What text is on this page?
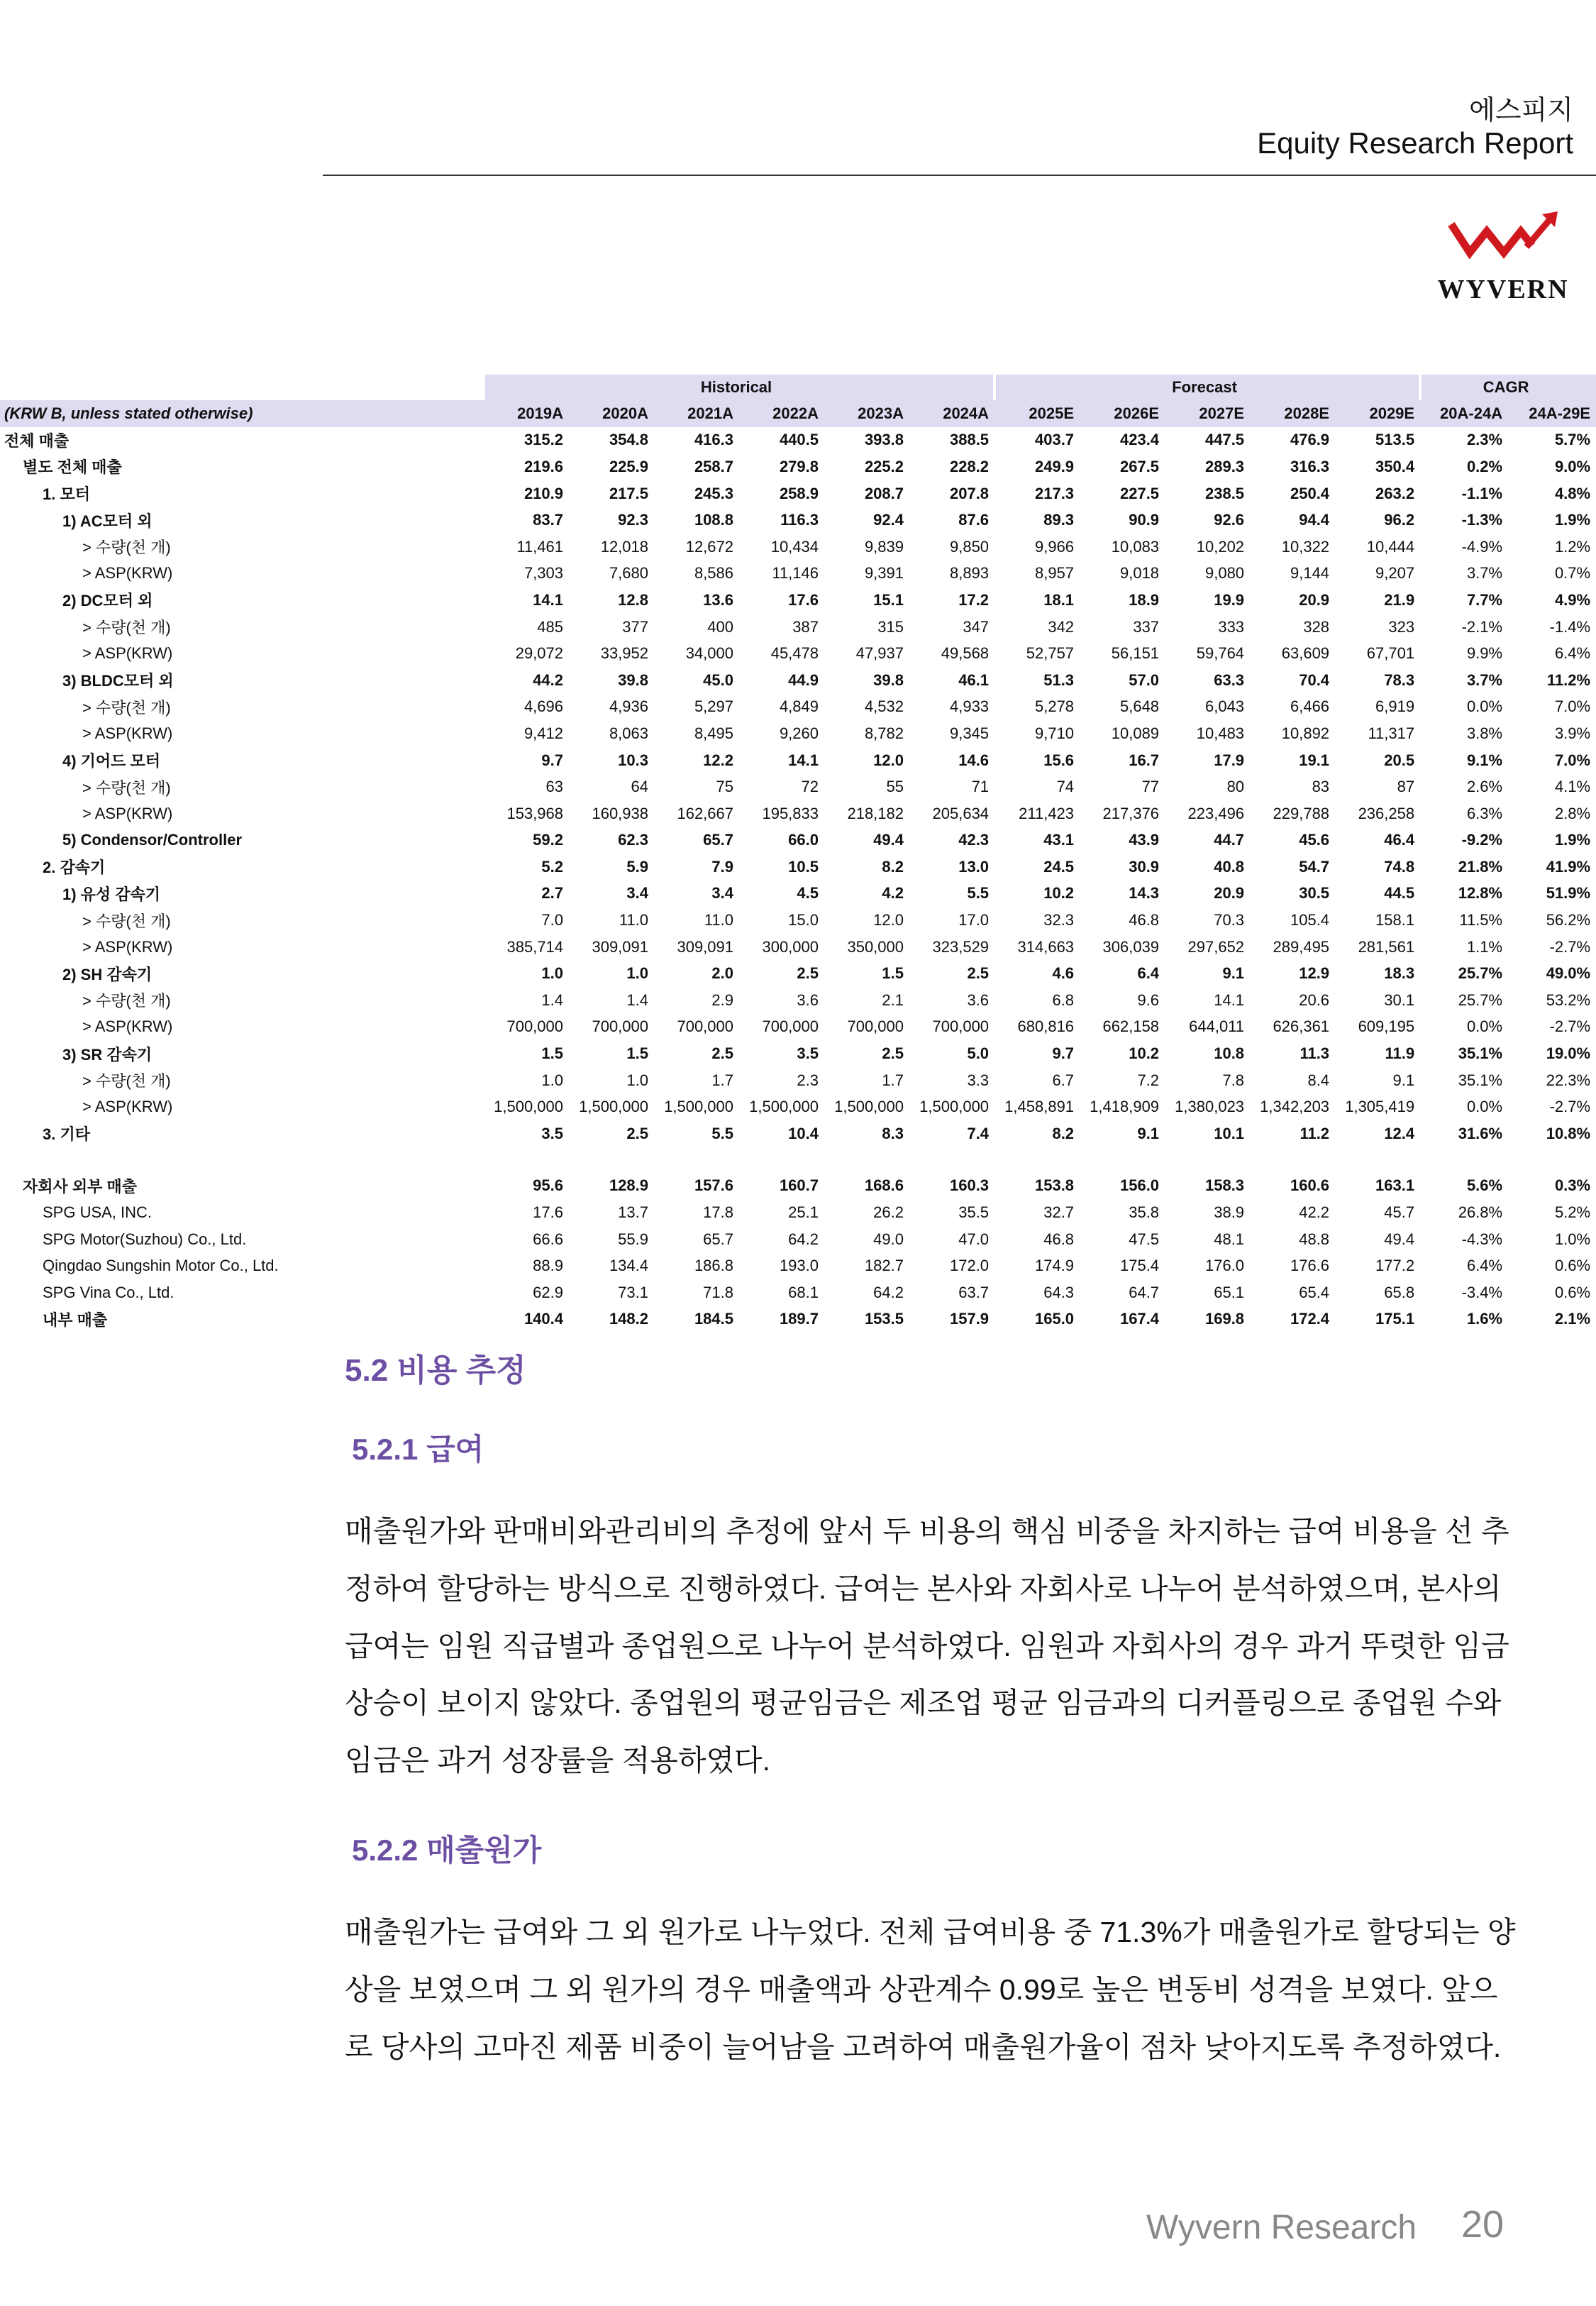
에스피지
Equity Research Report
WYVERN
	Historical						Forecast					CAGR	
(KRW B, unless stated otherwise)	2019A	2020A	2021A	2022A	2023A	2024A	2025E	2026E	2027E	2028E	2029E	20A-24A	24A-29E
전체 매출	315.2	354.8	416.3	440.5	393.8	388.5	403.7	423.4	447.5	476.9	513.5	2.3%	5.7%
별도 전체 매출	219.6	225.9	258.7	279.8	225.2	228.2	249.9	267.5	289.3	316.3	350.4	0.2%	9.0%
1. 모터	210.9	217.5	245.3	258.9	208.7	207.8	217.3	227.5	238.5	250.4	263.2	-1.1%	4.8%
1) AC모터 외	83.7	92.3	108.8	116.3	92.4	87.6	89.3	90.9	92.6	94.4	96.2	-1.3%	1.9%
> 수량(천 개)	11,461	12,018	12,672	10,434	9,839	9,850	9,966	10,083	10,202	10,322	10,444	-4.9%	1.2%
> ASP(KRW)	7,303	7,680	8,586	11,146	9,391	8,893	8,957	9,018	9,080	9,144	9,207	3.7%	0.7%
2) DC모터 외	14.1	12.8	13.6	17.6	15.1	17.2	18.1	18.9	19.9	20.9	21.9	7.7%	4.9%
> 수량(천 개)	485	377	400	387	315	347	342	337	333	328	323	-2.1%	-1.4%
> ASP(KRW)	29,072	33,952	34,000	45,478	47,937	49,568	52,757	56,151	59,764	63,609	67,701	9.9%	6.4%
3) BLDC모터 외	44.2	39.8	45.0	44.9	39.8	46.1	51.3	57.0	63.3	70.4	78.3	3.7%	11.2%
> 수량(천 개)	4,696	4,936	5,297	4,849	4,532	4,933	5,278	5,648	6,043	6,466	6,919	0.0%	7.0%
> ASP(KRW)	9,412	8,063	8,495	9,260	8,782	9,345	9,710	10,089	10,483	10,892	11,317	3.8%	3.9%
4) 기어드 모터	9.7	10.3	12.2	14.1	12.0	14.6	15.6	16.7	17.9	19.1	20.5	9.1%	7.0%
> 수량(천 개)	63	64	75	72	55	71	74	77	80	83	87	2.6%	4.1%
> ASP(KRW)	153,968	160,938	162,667	195,833	218,182	205,634	211,423	217,376	223,496	229,788	236,258	6.3%	2.8%
5) Condensor/Controller	59.2	62.3	65.7	66.0	49.4	42.3	43.1	43.9	44.7	45.6	46.4	-9.2%	1.9%
2. 감속기	5.2	5.9	7.9	10.5	8.2	13.0	24.5	30.9	40.8	54.7	74.8	21.8%	41.9%
1) 유성 감속기	2.7	3.4	3.4	4.5	4.2	5.5	10.2	14.3	20.9	30.5	44.5	12.8%	51.9%
> 수량(천 개)	7.0	11.0	11.0	15.0	12.0	17.0	32.3	46.8	70.3	105.4	158.1	11.5%	56.2%
> ASP(KRW)	385,714	309,091	309,091	300,000	350,000	323,529	314,663	306,039	297,652	289,495	281,561	1.1%	-2.7%
2) SH 감속기	1.0	1.0	2.0	2.5	1.5	2.5	4.6	6.4	9.1	12.9	18.3	25.7%	49.0%
> 수량(천 개)	1.4	1.4	2.9	3.6	2.1	3.6	6.8	9.6	14.1	20.6	30.1	25.7%	53.2%
> ASP(KRW)	700,000	700,000	700,000	700,000	700,000	700,000	680,816	662,158	644,011	626,361	609,195	0.0%	-2.7%
3) SR 감속기	1.5	1.5	2.5	3.5	2.5	5.0	9.7	10.2	10.8	11.3	11.9	35.1%	19.0%
> 수량(천 개)	1.0	1.0	1.7	2.3	1.7	3.3	6.7	7.2	7.8	8.4	9.1	35.1%	22.3%
> ASP(KRW)	1,500,000	1,500,000	1,500,000	1,500,000	1,500,000	1,500,000	1,458,891	1,418,909	1,380,023	1,342,203	1,305,419	0.0%	-2.7%
3. 기타	3.5	2.5	5.5	10.4	8.3	7.4	8.2	9.1	10.1	11.2	12.4	31.6%	10.8%

자회사 외부 매출	95.6	128.9	157.6	160.7	168.6	160.3	153.8	156.0	158.3	160.6	163.1	5.6%	0.3%
SPG USA, INC.	17.6	13.7	17.8	25.1	26.2	35.5	32.7	35.8	38.9	42.2	45.7	26.8%	5.2%
SPG Motor(Suzhou) Co., Ltd.	66.6	55.9	65.7	64.2	49.0	47.0	46.8	47.5	48.1	48.8	49.4	-4.3%	1.0%
Qingdao Sungshin Motor Co., Ltd.	88.9	134.4	186.8	193.0	182.7	172.0	174.9	175.4	176.0	176.6	177.2	6.4%	0.6%
SPG Vina Co., Ltd.	62.9	73.1	71.8	68.1	64.2	63.7	64.3	64.7	65.1	65.4	65.8	-3.4%	0.6%
내부 매출	140.4	148.2	184.5	189.7	153.5	157.9	165.0	167.4	169.8	172.4	175.1	1.6%	2.1%
5.2 비용 추정
5.2.1 급여
매출원가와 판매비와관리비의 추정에 앞서 두 비용의 핵심 비중을 차지하는 급여 비용을 선 추정하여 할당하는 방식으로 진행하였다. 급여는 본사와 자회사로 나누어 분석하였으며, 본사의 급여는 임원 직급별과 종업원으로 나누어 분석하였다. 임원과 자회사의 경우 과거 뚜렷한 임금 상승이 보이지 않았다. 종업원의 평균임금은 제조업 평균 임금과의 디커플링으로 종업원 수와 임금은 과거 성장률을 적용하였다.
5.2.2 매출원가
매출원가는 급여와 그 외 원가로 나누었다. 전체 급여비용 중 71.3%가 매출원가로 할당되는 양상을 보였으며 그 외 원가의 경우 매출액과 상관계수 0.99로 높은 변동비 성격을 보였다. 앞으로 당사의 고마진 제품 비중이 늘어남을 고려하여 매출원가율이 점차 낮아지도록 추정하였다.
Wyvern Research 20
